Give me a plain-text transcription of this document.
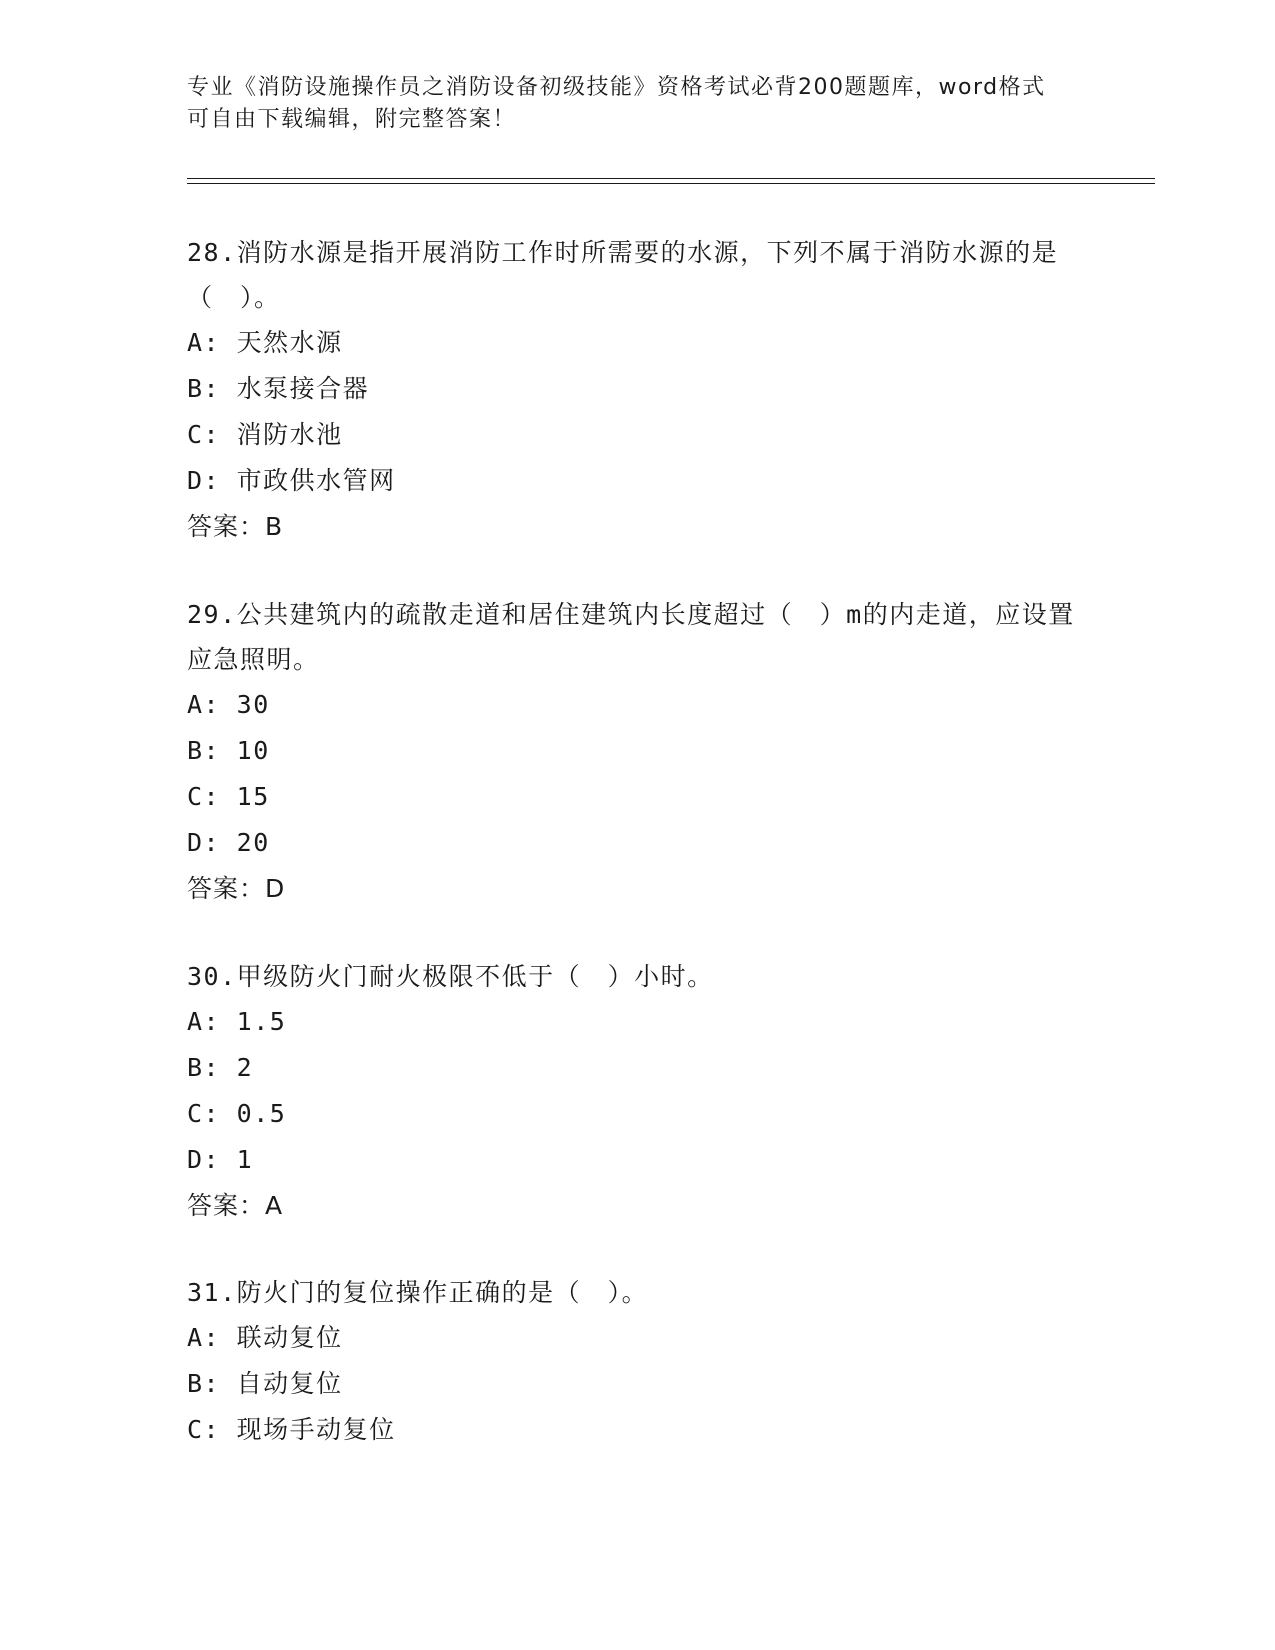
专业《消防设施操作员之消防设备初级技能》资格考试必背200题题库，word格式可自由下载编辑，附完整答案！
28.消防水源是指开展消防工作时所需要的水源，下列不属于消防水源的是（　）。
A: 天然水源
B: 水泵接合器
C: 消防水池
D: 市政供水管网
答案：B
29.公共建筑内的疏散走道和居住建筑内长度超过（　）m的内走道，应设置应急照明。
A: 30
B: 10
C: 15
D: 20
答案：D
30.甲级防火门耐火极限不低于（　）小时。
A: 1.5
B: 2
C: 0.5
D: 1
答案：A
31.防火门的复位操作正确的是（　）。
A: 联动复位
B: 自动复位
C: 现场手动复位
